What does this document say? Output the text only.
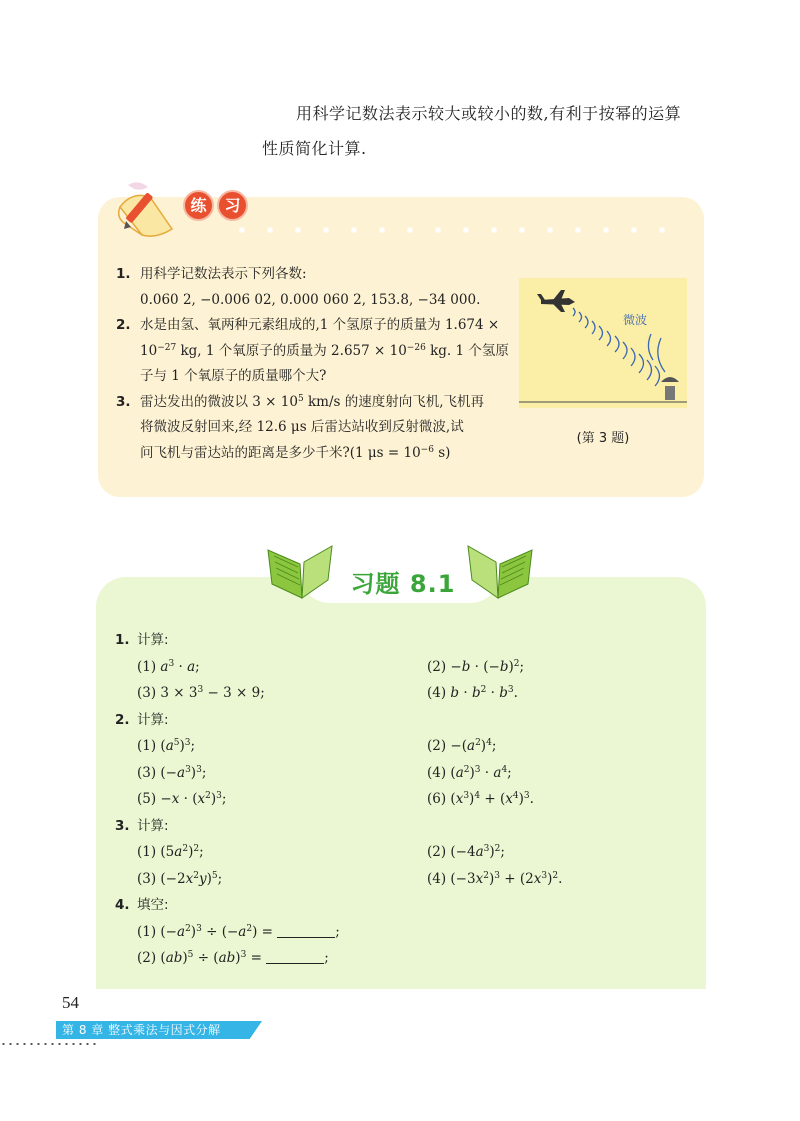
用科学记数法表示较大或较小的数,有利于按幂的运算
性质简化计算.
练	习
1. 用科学记数法表示下列各数:
0.060 2, −0.006 02, 0.000 060 2, 153.8, −34 000.
2. 水是由氢、氧两种元素组成的,1 个氢原子的质量为 1.674 ×
$10^{-27}$ kg, 1 个氧原子的质量为 $2.657 \times 10^{-26}$ kg. 1 个氢原
子与 1 个氧原子的质量哪个大?
3. 雷达发出的微波以 $3 \times 10^5$ km/s 的速度射向飞机,飞机再
将微波反射回来,经 12.6 μs 后雷达站收到反射微波,试
问飞机与雷达站的距离是多少千米?(1 $\mu s = 10^{-6}$ s)
微波
(第 3 题)
习题 8.1
1. 计算:
(1) $a^3 \cdot a$;	$(2) -b \cdot (-b)^2$;
(3) $3 \times 3^3 - 3 \times 9$;	(4) $b \cdot b^2 \cdot b^3$.
2. 计算:
(1) $(a^5)^3$;	$(2) -(a^2)^4$;
(3) $(-a^3)^3$;	(4) $(a^2)^3 \cdot a^4$;
$(5) -x \cdot (x^2)^3$;	(6) $(x^3)^4 + (x^4)^3$.
3. 计算:
(1) $(5a^2)^2$;	(2) $(-4a^3)^2$;
(3) $(-2x^2y)^5$;	(4) $(-3x^2)^3 + (2x^3)^2$.
4. 填空:
(1) $(-a^2)^3 \div (-a^2)$ =	;
(2) (ab)$^5$ ÷ (ab)$^3$ =	;
54
第 8 章 整式乘法与因式分解
